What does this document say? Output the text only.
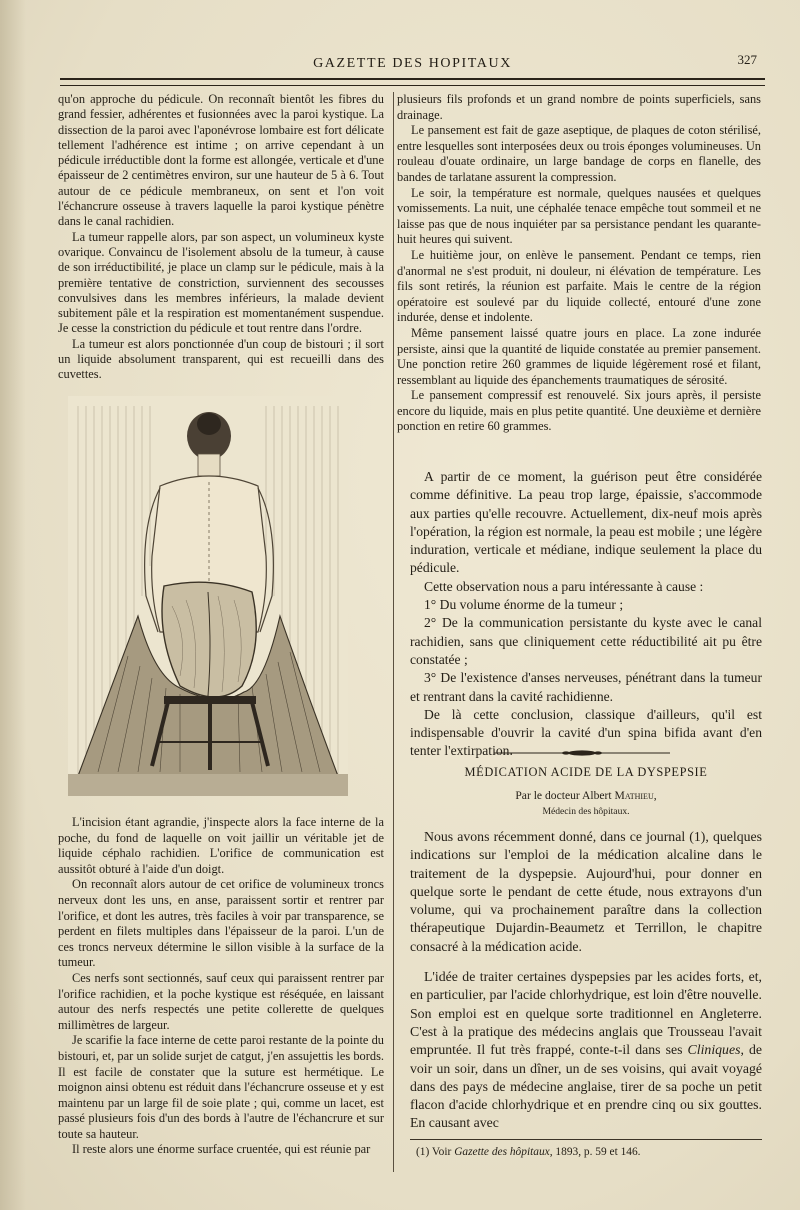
GAZETTE DES HOPITAUX	327

qu'on approche du pédicule. On reconnaît bientôt les fibres du grand fessier, adhérentes et fusionnées avec la paroi kystique. La dissection de la paroi avec l'aponévrose lombaire est fort délicate tellement l'adhérence est intime ; on arrive cependant à un pédicule irréductible dont la forme est allongée, verticale et d'une épaisseur de 2 centimètres environ, sur une hauteur de 5 à 6. Tout autour de ce pédicule membraneux, on sent et l'on voit l'échancrure osseuse à travers laquelle la paroi kystique pénètre dans le canal rachidien.

La tumeur rappelle alors, par son aspect, un volumineux kyste ovarique. Convaincu de l'isolement absolu de la tumeur, à cause de son irréductibilité, je place un clamp sur le pédicule, mais à la première tentative de constriction, surviennent des secousses convulsives dans les membres inférieurs, la malade devient subitement pâle et la respiration est momentanément suspendue. Je cesse la constriction du pédicule et tout rentre dans l'ordre.

La tumeur est alors ponctionnée d'un coup de bistouri ; il sort un liquide absolument transparent, qui est recueilli dans des cuvettes.

L'incision étant agrandie, j'inspecte alors la face interne de la poche, du fond de laquelle on voit jaillir un véritable jet de liquide céphalo rachidien. L'orifice de communication est aussitôt obturé à l'aide d'un doigt.

On reconnaît alors autour de cet orifice de volumineux troncs nerveux dont les uns, en anse, paraissent sortir et rentrer par l'orifice, et dont les autres, très faciles à voir par transparence, se perdent en filets multiples dans l'épaisseur de la paroi. L'un de ces troncs nerveux détermine le sillon visible à la surface de la tumeur.

Ces nerfs sont sectionnés, sauf ceux qui paraissent rentrer par l'orifice rachidien, et la poche kystique est réséquée, en laissant autour des nerfs respectés une petite collerette de quelques millimètres de largeur.

Je scarifie la face interne de cette paroi restante de la pointe du bistouri, et, par un solide surjet de catgut, j'en assujettis les bords. Il est facile de constater que la suture est hermétique. Le moignon ainsi obtenu est réduit dans l'échancrure osseuse et y est maintenu par un large fil de soie plate ; qui, comme un lacet, est passé plusieurs fois d'un des bords à l'autre de l'échancrure et sur toute sa hauteur.

Il reste alors une énorme surface cruentée, qui est réunie par

plusieurs fils profonds et un grand nombre de points superficiels, sans drainage.

Le pansement est fait de gaze aseptique, de plaques de coton stérilisé, entre lesquelles sont interposées deux ou trois éponges volumineuses. Un rouleau d'ouate ordinaire, un large bandage de corps en flanelle, des bandes de tarlatane assurent la compression.

Le soir, la température est normale, quelques nausées et quelques vomissements. La nuit, une céphalée tenace empêche tout sommeil et ne laisse pas que de nous inquiéter par sa persistance pendant les quarante-huit heures qui suivent.

Le huitième jour, on enlève le pansement. Pendant ce temps, rien d'anormal ne s'est produit, ni douleur, ni élévation de température. Les fils sont retirés, la réunion est parfaite. Mais le centre de la région opératoire est soulevé par du liquide collecté, entouré d'une zone indurée, dense et indolente.

Même pansement laissé quatre jours en place. La zone indurée persiste, ainsi que la quantité de liquide constatée au premier pansement. Une ponction retire 260 grammes de liquide légèrement rosé et filant, ressemblant au liquide des épanchements traumatiques de sérosité.

Le pansement compressif est renouvelé. Six jours après, il persiste encore du liquide, mais en plus petite quantité. Une deuxième et dernière ponction en retire 60 grammes.

A partir de ce moment, la guérison peut être considérée comme définitive. La peau trop large, épaissie, s'accommode aux parties qu'elle recouvre. Actuellement, dix-neuf mois après l'opération, la région est normale, la peau est mobile ; une légère induration, verticale et médiane, indique seulement la place du pédicule.

Cette observation nous a paru intéressante à cause :

1° Du volume énorme de la tumeur ;

2° De la communication persistante du kyste avec le canal rachidien, sans que cliniquement cette réductibilité ait pu être constatée ;

3° De l'existence d'anses nerveuses, pénétrant dans la tumeur et rentrant dans la cavité rachidienne.

De là cette conclusion, classique d'ailleurs, qu'il est indispensable d'ouvrir la cavité d'un spina bifida avant d'en tenter l'extirpation.

MÉDICATION ACIDE DE LA DYSPEPSIE
Par le docteur Albert Mathieu,
Médecin des hôpitaux.

Nous avons récemment donné, dans ce journal (1), quelques indications sur l'emploi de la médication alcaline dans le traitement de la dyspepsie. Aujourd'hui, pour donner en quelque sorte le pendant de cette étude, nous extrayons d'un volume, qui va prochainement paraître dans la collection thérapeutique Dujardin-Beaumetz et Terrillon, le chapitre consacré à la médication acide.

L'idée de traiter certaines dyspepsies par les acides forts, et, en particulier, par l'acide chlorhydrique, est loin d'être nouvelle. Son emploi est en quelque sorte traditionnel en Angleterre. C'est à la pratique des médecins anglais que Trousseau l'avait empruntée. Il fut très frappé, conte-t-il dans ses Cliniques, de voir un soir, dans un dîner, un de ses voisins, qui avait voyagé dans des pays de médecine anglaise, tirer de sa poche un petit flacon d'acide chlorhydrique et en prendre cinq ou six gouttes. En causant avec

(1) Voir Gazette des hôpitaux, 1893, p. 59 et 146.
